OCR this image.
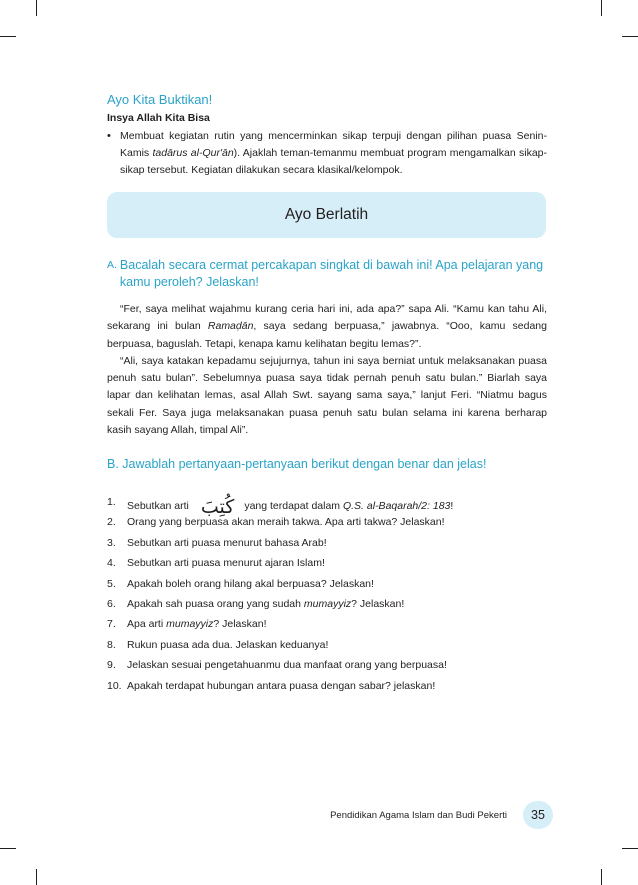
Ayo Kita Buktikan!
Insya Allah Kita Bisa
• Membuat kegiatan rutin yang mencerminkan sikap terpuji dengan pilihan puasa Senin-Kamis tadārus al-Qur'ān). Ajaklah teman-temanmu membuat program mengamalkan sikap-sikap tersebut. Kegiatan dilakukan secara klasikal/kelompok.
Ayo Berlatih
A. Bacalah secara cermat percakapan singkat di bawah ini! Apa pelajaran yang kamu peroleh? Jelaskan!

“Fer, saya melihat wajahmu kurang ceria hari ini, ada apa?” sapa Ali. “Kamu kan tahu Ali, sekarang ini bulan Ramaḍān, saya sedang berpuasa,” jawabnya. “Ooo, kamu sedang berpuasa, baguslah. Tetapi, kenapa kamu kelihatan begitu lemas?”.

“Ali, saya katakan kepadamu sejujurnya, tahun ini saya berniat untuk melaksanakan puasa penuh satu bulan”. Sebelumnya puasa saya tidak pernah penuh satu bulan.” Biarlah saya lapar dan kelihatan lemas, asal Allah Swt. sayang sama saya,” lanjut Feri. “Niatmu bagus sekali Fer. Saya juga melaksanakan puasa penuh satu bulan selama ini karena berharap kasih sayang Allah, timpal Ali”.

B. Jawablah pertanyaan-pertanyaan berikut dengan benar dan jelas!
1. Sebutkan arti كُتِبَ yang terdapat dalam Q.S. al-Baqarah/2: 183!
2. Orang yang berpuasa akan meraih takwa. Apa arti takwa? Jelaskan!
3. Sebutkan arti puasa menurut bahasa Arab!
4. Sebutkan arti puasa menurut ajaran Islam!
5. Apakah boleh orang hilang akal berpuasa? Jelaskan!
6. Apakah sah puasa orang yang sudah mumayyiz? Jelaskan!
7. Apa arti mumayyiz? Jelaskan!
8. Rukun puasa ada dua. Jelaskan keduanya!
9. Jelaskan sesuai pengetahuanmu dua manfaat orang yang berpuasa!
10. Apakah terdapat hubungan antara puasa dengan sabar? jelaskan!
Pendidikan Agama Islam dan Budi Pekerti	35
